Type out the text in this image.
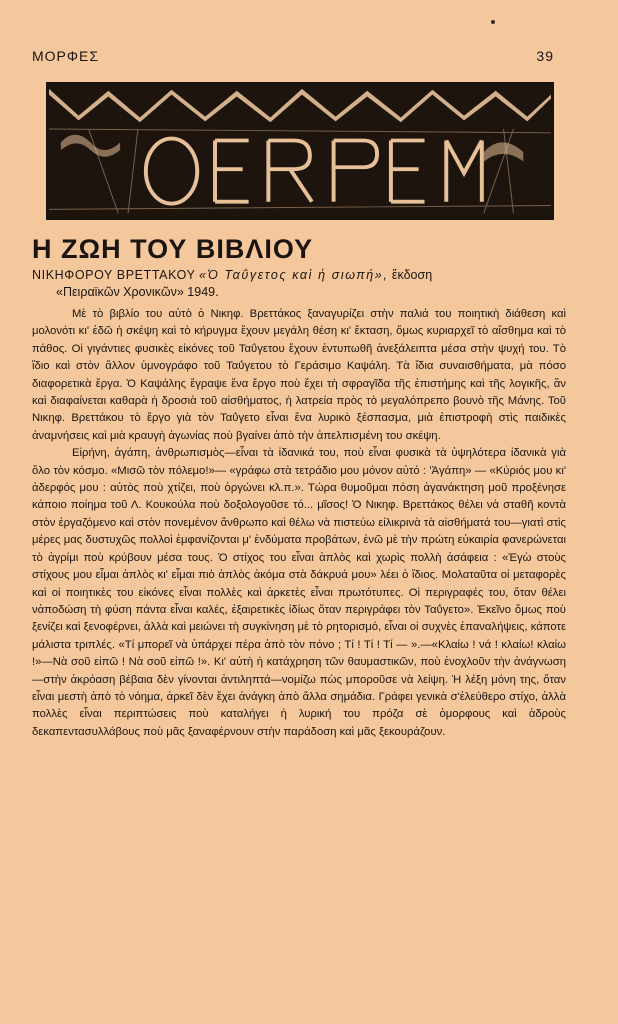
ΜΟΡΦΕΣ	39
Η ΖΩΗ ΤΟΥ ΒΙΒΛΙΟΥ
ΝΙΚΗΦΟΡΟΥ ΒΡΕΤΤΑΚΟΥ «Ὁ Ταΰγετος καὶ ἡ σιωπή», ἔκδοση
«Πειραϊκῶν Χρονικῶν» 1949.

Μὲ τὸ βιβλίο του αὐτὸ ὁ Νικηφ. Βρεττάκος ξαναγυρίζει στὴν παλιά του ποιητικὴ διάθεση καὶ μολονότι κι' ἐδῶ ἡ σκέψη καὶ τὸ κήρυγμα ἔχουν μεγάλη θέση κι' ἔκταση, ὅμως κυριαρχεῖ τὸ αἴσθημα καὶ τὸ πάθος. Οἱ γιγάντιες φυσικὲς εἰκόνες τοῦ Ταΰγετου ἔχουν ἐντυπωθῆ ἀνεξάλειπτα μέσα στὴν ψυχή του. Τὸ ἴδιο καὶ στὸν ἄλλον ὑμνογράφο τοῦ Ταΰγετου τὸ Γεράσιμο Καψάλη. Τὰ ἴδια συναισθήματα, μὰ πόσο διαφορετικὰ ἔργα. Ὁ Καψάλης ἔγραψε ἕνα ἔργο ποὺ ἔχει τὴ σφραγῖδα τῆς ἐπιστήμης καὶ τῆς λογικῆς, ἂν καὶ διαφαίνεται καθαρὰ ἡ δροσιὰ τοῦ αἰσθήματος, ἡ λατρεία πρὸς τὸ μεγαλόπρεπο βουνὸ τῆς Μάνης. Τοῦ Νικηφ. Βρεττάκου τὸ ἔργο γιὰ τὸν Ταΰγετο εἶναι ἕνα λυρικὸ ξέσπασμα, μιὰ ἐπιστροφὴ στὶς παιδικὲς ἀναμνήσεις καὶ μιὰ κραυγὴ ἀγωνίας ποὺ βγαίνει ἀπὸ τὴν ἀπελπισμένη του σκέψη.

Εἰρήνη, ἀγάπη, ἀνθρωπισμὸς—εἶναι τὰ ἰδανικά του, ποὺ εἶναι φυσικὰ τὰ ὑψηλότερα ἰδανικὰ γιὰ ὅλο τὸν κόσμο. «Μισῶ τὸν πόλεμο!»— «γράφω στὰ τετράδιο μου μόνον αὐτό : 'Ἀγάπη» — «Κύριός μου κι' ἀδερφός μου : αὐτὸς ποὺ χτίζει, ποὺ ὀργώνει κλ.π.». Τώρα θυμοῦμαι πόση ἀγανάκτηση μοῦ προξένησε κάποιο ποίημα τοῦ Λ. Κουκούλα ποὺ δοξολογοῦσε τό... μῖσος! Ὁ Νικηφ. Βρεττάκος θέλει νὰ σταθῆ κοντὰ στὸν ἐργαζόμενο καὶ στὸν πονεμένον ἄνθρωπο καὶ θέλω νὰ πιστεύω εἰλικρινὰ τὰ αἰσθήματά του—γιατὶ στὶς μέρες μας δυστυχῶς πολλοὶ ἐμφανίζονται μ' ἐνδύματα προβάτων, ἐνῶ μὲ τὴν πρώτη εὐκαιρία φανερώνεται τὸ ἀγρίμι ποὺ κρύβουν μέσα τους. Ὁ στίχος του εἶναι ἁπλὸς καὶ χωρὶς πολλὴ ἀσάφεια : «Ἐγὼ στοὺς στίχους μου εἶμαι ἁπλὸς κι' εἶμαι πιὸ ἁπλὸς ἀκόμα στὰ δάκρυά μου» λέει ὁ ἴδιος. Μολαταῦτα οἱ μεταφορὲς καὶ οἱ ποιητικὲς του εἰκόνες εἶναι πολλὲς καὶ ἀρκετὲς εἶναι πρωτότυπες. Οἱ περιγραφές του, ὅταν θέλει νἀποδώση τὴ φύση πάντα εἶναι καλές, ἐξαιρετικὲς ἰδίως ὅταν περιγράφει τὸν Ταΰγετο». Ἐκεῖνο ὅμως ποὺ ξενίζει καὶ ξενοφέρνει, ἀλλὰ καὶ μειώνει τὴ συγκίνηση μὲ τὸ ρητορισμό, εἶναι οἱ συχνὲς ἐπαναλήψεις, κάποτε μάλιστα τριπλές. «Τί μπορεῖ νὰ ὑπάρχει πέρα ἀπὸ τὸν πόνο ; Τί ! Τί ! Τί — ».—«Κλαίω ! νά ! κλαίω! κλαίω !»—Νὰ σοῦ εἰπῶ ! Νὰ σοῦ εἰπῶ !». Κι' αὐτὴ ἡ κατάχρηση τῶν θαυμαστικῶν, ποὺ ἐνοχλοῦν τὴν ἀνάγνωση—στὴν ἀκρόαση βέβαια δὲν γίνονται ἀντιληπτά—νομίζω πὼς μποροῦσε νὰ λείψη. Ἡ λέξη μόνη της, ὅταν εἶναι μεστὴ ἀπὸ τὸ νόημα, ἀρκεῖ δὲν ἔχει ἀνάγκη ἀπὸ ἄλλα σημάδια. Γράφει γενικὰ σ'ἐλεύθερο στίχο, ἀλλὰ πολλὲς εἶναι περιπτώσεις ποὺ καταλήγει ἡ λυρική του πρόζα σὲ ὁμορφους καὶ ἁδροὺς δεκαπεντασυλλάβους ποὺ μᾶς ξαναφέρνουν στὴν παράδοση καὶ μᾶς ξεκουράζουν.
